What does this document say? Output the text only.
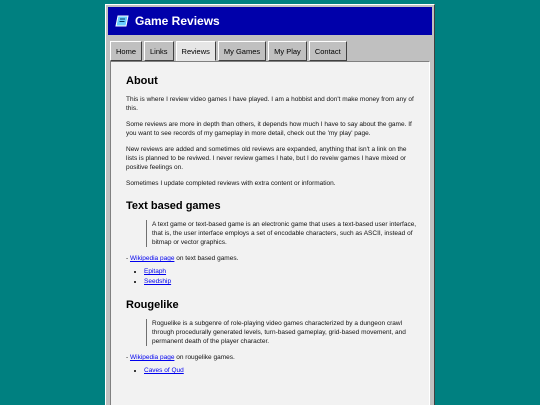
Game Reviews
Home	Links	Reviews	My Games	My Play	Contact
About

This is where I review video games I have played. I am a hobbist and don't make money from any of this.

Some reviews are more in depth than others, it depends how much I have to say about the game. If you want to see records of my gameplay in more detail, check out the 'my play' page.

New reviews are added and sometimes old reviews are expanded, anything that isn't a link on the lists is planned to be reviwed. I never review games I hate, but I do reveiw games I have mixed or positive feelings on.

Sometimes I update completed reviews with extra content or information.

Text based games
A text game or text-based game is an electronic game that uses a text-based user interface, that is, the user interface employs a set of encodable characters, such as ASCII, instead of bitmap or vector graphics.
- Wikipedia page on text based games.
• Epitaph
• Seedship
Rougelike
Roguelike is a subgenre of role-playing video games characterized by a dungeon crawl through procedurally generated levels, turn-based gameplay, grid-based movement, and permanent death of the player character.
- Wikipedia page on rougelike games.
• Caves of Qud
